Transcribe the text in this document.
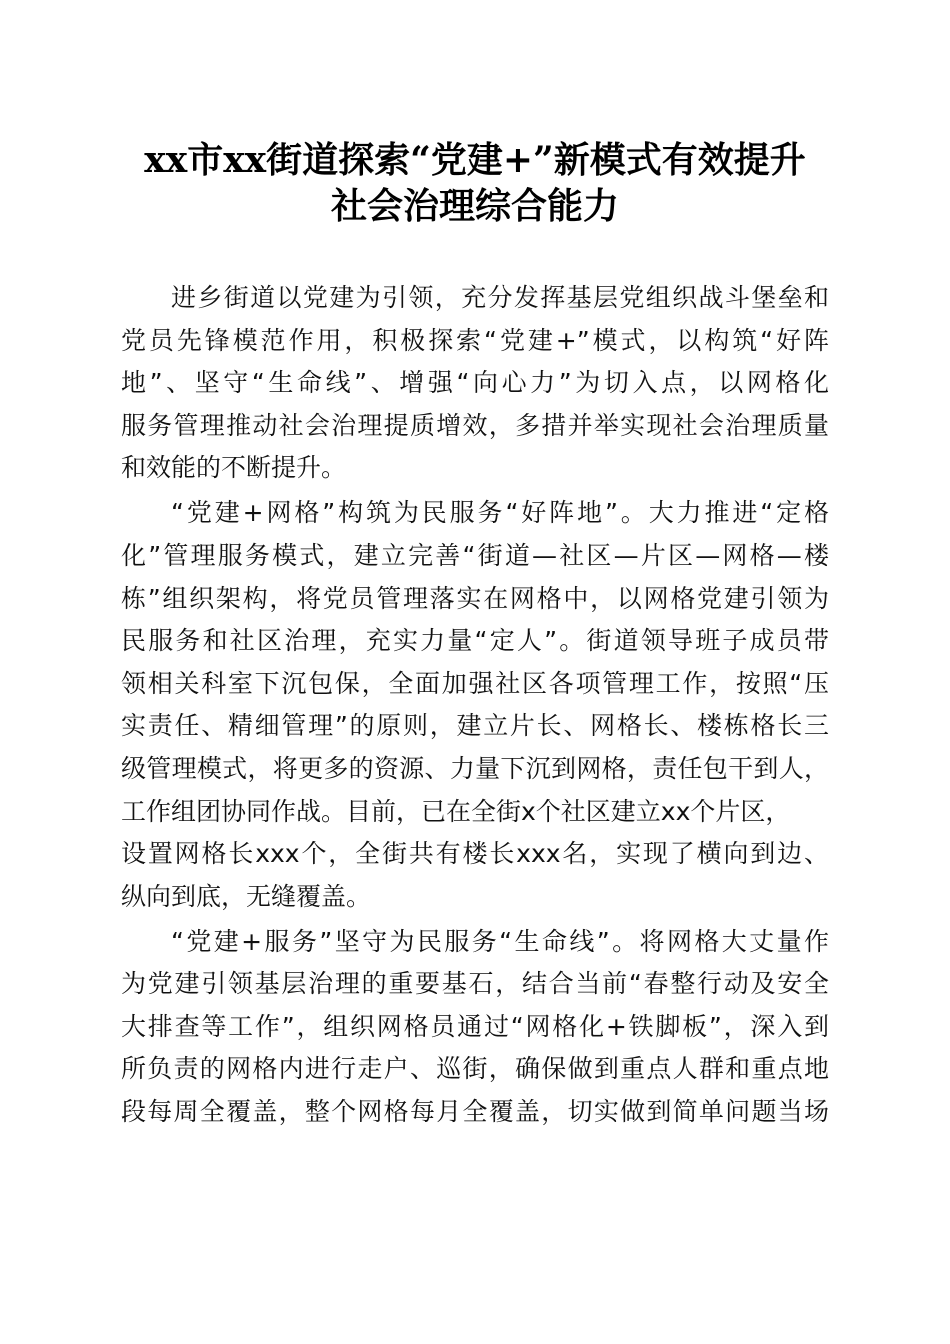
xx市xx街道探索“党建+”新模式有效提升
社会治理综合能力
进乡街道以党建为引领，充分发挥基层党组织战斗堡垒和
党员先锋模范作用，积极探索“党建+”模式，以构筑“好阵
地”、坚守“生命线”、增强“向心力”为切入点，以网格化
服务管理推动社会治理提质增效，多措并举实现社会治理质量
和效能的不断提升。
“党建+网格”构筑为民服务“好阵地”。大力推进“定格
化”管理服务模式，建立完善“街道—社区—片区—网格—楼
栋”组织架构，将党员管理落实在网格中，以网格党建引领为
民服务和社区治理，充实力量“定人”。街道领导班子成员带
领相关科室下沉包保，全面加强社区各项管理工作，按照“压
实责任、精细管理”的原则，建立片长、网格长、楼栋格长三
级管理模式，将更多的资源、力量下沉到网格，责任包干到人，
工作组团协同作战。目前，已在全街x个社区建立xx个片区，
设置网格长xxx个，全街共有楼长xxx名，实现了横向到边、
纵向到底，无缝覆盖。
“党建+服务”坚守为民服务“生命线”。将网格大丈量作
为党建引领基层治理的重要基石，结合当前“春整行动及安全
大排查等工作”，组织网格员通过“网格化+铁脚板”，深入到
所负责的网格内进行走户、巡街，确保做到重点人群和重点地
段每周全覆盖，整个网格每月全覆盖，切实做到简单问题当场
